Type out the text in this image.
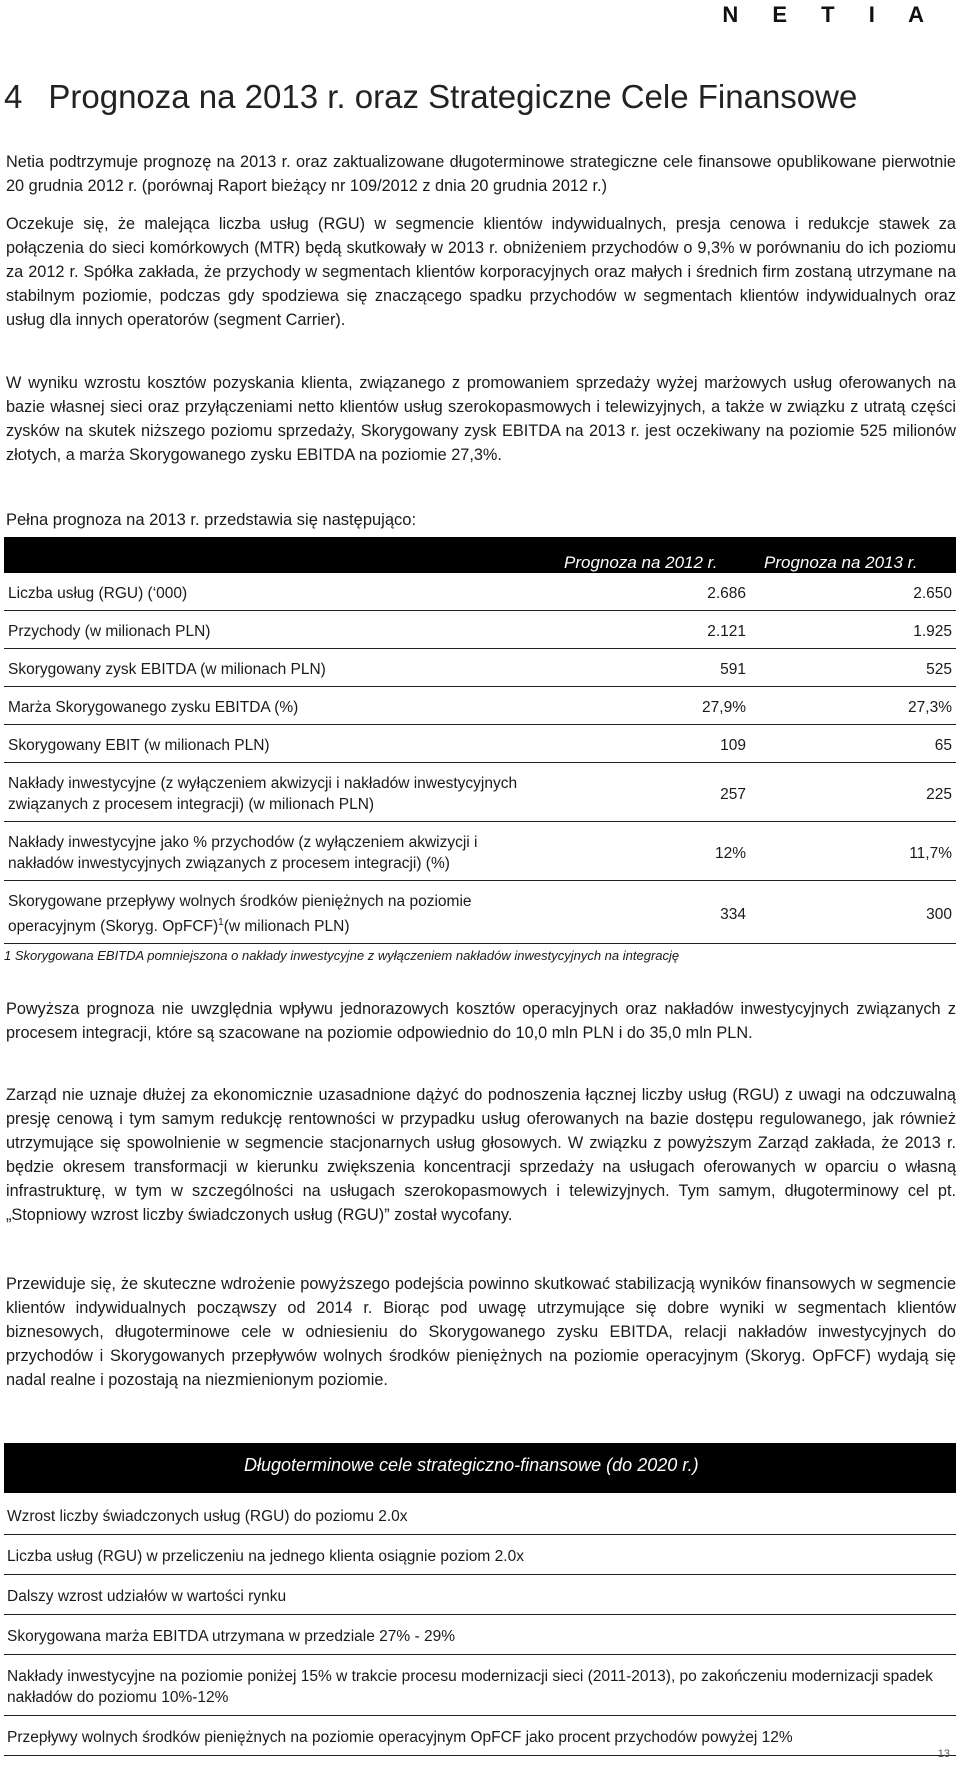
N E T I A
4 Prognoza na 2013 r. oraz Strategiczne Cele Finansowe

Netia podtrzymuje prognozę na 2013 r. oraz zaktualizowane długoterminowe strategiczne cele finansowe opublikowane pierwotnie 20 grudnia 2012 r. (porównaj Raport bieżący nr 109/2012 z dnia 20 grudnia 2012 r.)

Oczekuje się, że malejąca liczba usług (RGU) w segmencie klientów indywidualnych, presja cenowa i redukcje stawek za połączenia do sieci komórkowych (MTR) będą skutkowały w 2013 r. obniżeniem przychodów o 9,3% w porównaniu do ich poziomu za 2012 r. Spółka zakłada, że przychody w segmentach klientów korporacyjnych oraz małych i średnich firm zostaną utrzymane na stabilnym poziomie, podczas gdy spodziewa się znaczącego spadku przychodów w segmentach klientów indywidualnych oraz usług dla innych operatorów (segment Carrier).

W wyniku wzrostu kosztów pozyskania klienta, związanego z promowaniem sprzedaży wyżej marżowych usług oferowanych na bazie własnej sieci oraz przyłączeniami netto klientów usług szerokopasmowych i telewizyjnych, a także w związku z utratą części zysków na skutek niższego poziomu sprzedaży, Skorygowany zysk EBITDA na 2013 r. jest oczekiwany na poziomie 525 milionów złotych, a marża Skorygowanego zysku EBITDA na poziomie 27,3%.

Pełna prognoza na 2013 r. przedstawia się następująco:

	Prognoza na 2012 r.	Prognoza na 2013 r.
Liczba usług (RGU) (‘000)	2.686	2.650
Przychody (w milionach PLN)	2.121	1.925
Skorygowany zysk EBITDA (w milionach PLN)	591	525
Marża Skorygowanego zysku EBITDA (%)	27,9%	27,3%
Skorygowany EBIT (w milionach PLN)	109	65
Nakłady inwestycyjne (z wyłączeniem akwizycji i nakładów inwestycyjnych związanych z procesem integracji) (w milionach PLN)	257	225
Nakłady inwestycyjne jako % przychodów (z wyłączeniem akwizycji i nakładów inwestycyjnych związanych z procesem integracji) (%)	12%	11,7%
Skorygowane przepływy wolnych środków pieniężnych na poziomie operacyjnym (Skoryg. OpFCF)$^1$(w milionach PLN)	334	300

1 Skorygowana EBITDA pomniejszona o nakłady inwestycyjne z wyłączeniem nakładów inwestycyjnych na integrację

Powyższa prognoza nie uwzględnia wpływu jednorazowych kosztów operacyjnych oraz nakładów inwestycyjnych związanych z procesem integracji, które są szacowane na poziomie odpowiednio do 10,0 mln PLN i do 35,0 mln PLN.

Zarząd nie uznaje dłużej za ekonomicznie uzasadnione dążyć do podnoszenia łącznej liczby usług (RGU) z uwagi na odczuwalną presję cenową i tym samym redukcję rentowności w przypadku usług oferowanych na bazie dostępu regulowanego, jak również utrzymujące się spowolnienie w segmencie stacjonarnych usług głosowych. W związku z powyższym Zarząd zakłada, że 2013 r. będzie okresem transformacji w kierunku zwiększenia koncentracji sprzedaży na usługach oferowanych w oparciu o własną infrastrukturę, w tym w szczególności na usługach szerokopasmowych i telewizyjnych. Tym samym, długoterminowy cel pt. „Stopniowy wzrost liczby świadczonych usług (RGU)” został wycofany.

Przewiduje się, że skuteczne wdrożenie powyższego podejścia powinno skutkować stabilizacją wyników finansowych w segmencie klientów indywidualnych począwszy od 2014 r. Biorąc pod uwagę utrzymujące się dobre wyniki w segmentach klientów biznesowych, długoterminowe cele w odniesieniu do Skorygowanego zysku EBITDA, relacji nakładów inwestycyjnych do przychodów i Skorygowanych przepływów wolnych środków pieniężnych na poziomie operacyjnym (Skoryg. OpFCF) wydają się nadal realne i pozostają na niezmienionym poziomie.

Długoterminowe cele strategiczno-finansowe (do 2020 r.)
Wzrost liczby świadczonych usług (RGU) do poziomu 2.0x
Liczba usług (RGU) w przeliczeniu na jednego klienta osiągnie poziom 2.0x
Dalszy wzrost udziałów w wartości rynku
Skorygowana marża EBITDA utrzymana w przedziale 27% - 29%
Nakłady inwestycyjne na poziomie poniżej 15% w trakcie procesu modernizacji sieci (2011-2013), po zakończeniu modernizacji spadek nakładów do poziomu 10%-12%
Przepływy wolnych środków pieniężnych na poziomie operacyjnym OpFCF jako procent przychodów powyżej 12%
13
